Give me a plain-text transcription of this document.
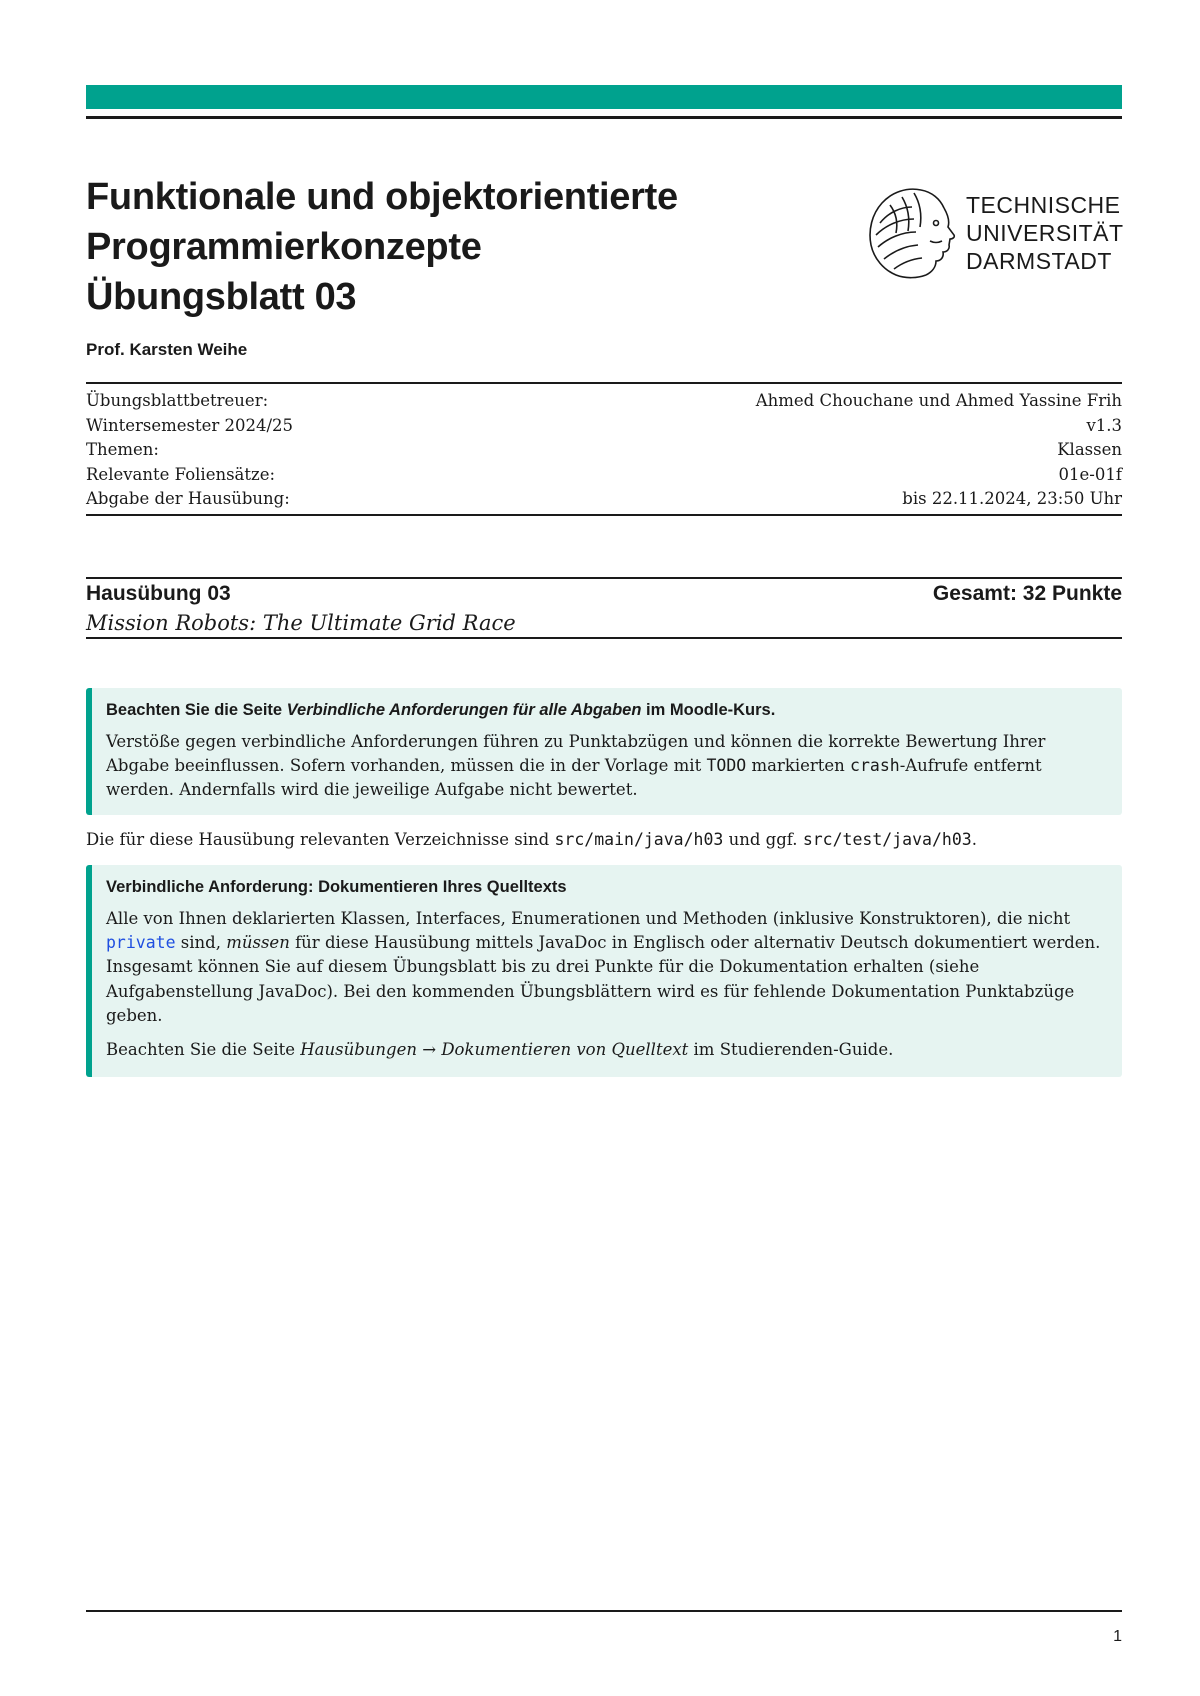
Funktionale und objektorientierte
Programmierkonzepte
Übungsblatt 03
TECHNISCHE
UNIVERSITÄT
DARMSTADT
Prof. Karsten Weihe
Übungsblattbetreuer:	Ahmed Chouchane und Ahmed Yassine Frih
Wintersemester 2024/25	v1.3
Themen:	Klassen
Relevante Foliensätze:	01e-01f
Abgabe der Hausübung:	bis 22.11.2024, 23:50 Uhr
Hausübung 03	Gesamt: 32 Punkte
Mission Robots: The Ultimate Grid Race
Beachten Sie die Seite Verbindliche Anforderungen für alle Abgaben im Moodle-Kurs.

Verstöße gegen verbindliche Anforderungen führen zu Punktabzügen und können die korrekte Bewertung Ihrer Abgabe beeinflussen. Sofern vorhanden, müssen die in der Vorlage mit TODO markierten crash-Aufrufe entfernt werden. Andernfalls wird die jeweilige Aufgabe nicht bewertet.

Die für diese Hausübung relevanten Verzeichnisse sind src/main/java/h03 und ggf. src/test/java/h03.
Verbindliche Anforderung: Dokumentieren Ihres Quelltexts

Alle von Ihnen deklarierten Klassen, Interfaces, Enumerationen und Methoden (inklusive Konstruktoren), die nicht private sind, müssen für diese Hausübung mittels JavaDoc in Englisch oder alternativ Deutsch dokumentiert werden. Insgesamt können Sie auf diesem Übungsblatt bis zu drei Punkte für die Dokumentation erhalten (siehe Aufgabenstellung JavaDoc). Bei den kommenden Übungsblättern wird es für fehlende Dokumentation Punktabzüge geben.

Beachten Sie die Seite Hausübungen → Dokumentieren von Quelltext im Studierenden-Guide.

1
